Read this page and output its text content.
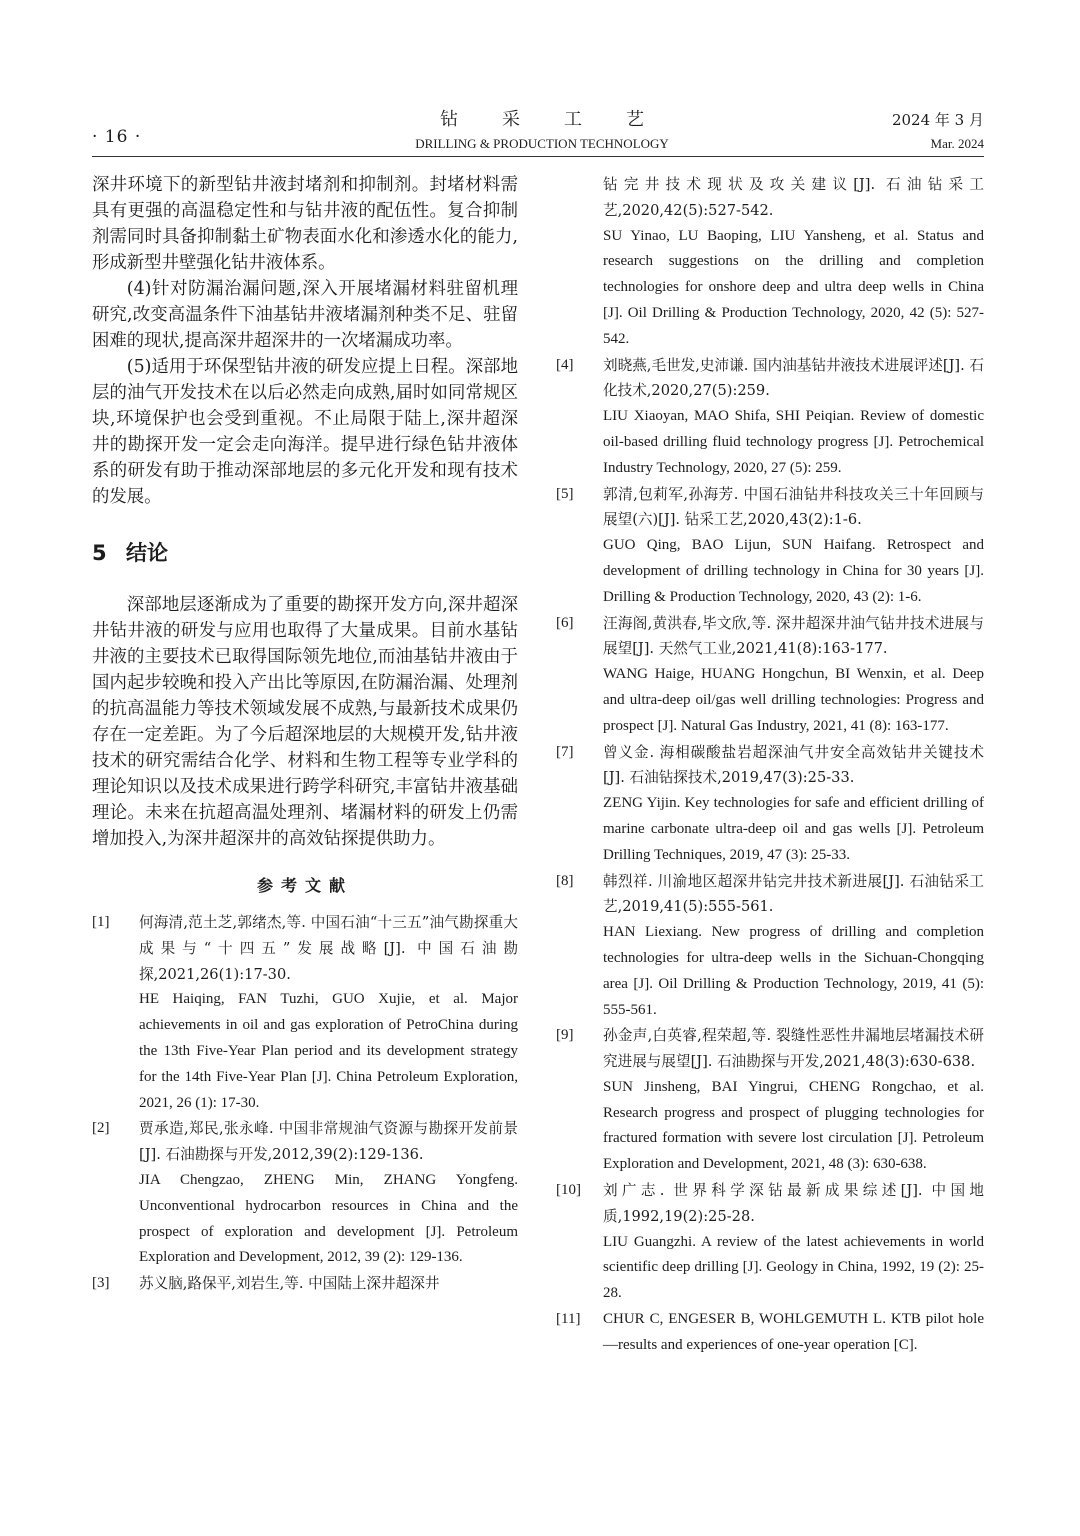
· 16 ·
钻采工艺
DRILLING & PRODUCTION TECHNOLOGY
2024 年 3 月
Mar. 2024

深井环境下的新型钻井液封堵剂和抑制剂。封堵材料需具有更强的高温稳定性和与钻井液的配伍性。复合抑制剂需同时具备抑制黏土矿物表面水化和渗透水化的能力,形成新型井壁强化钻井液体系。

(4)针对防漏治漏问题,深入开展堵漏材料驻留机理研究,改变高温条件下油基钻井液堵漏剂种类不足、驻留困难的现状,提高深井超深井的一次堵漏成功率。

(5)适用于环保型钻井液的研发应提上日程。深部地层的油气开发技术在以后必然走向成熟,届时如同常规区块,环境保护也会受到重视。不止局限于陆上,深井超深井的勘探开发一定会走向海洋。提早进行绿色钻井液体系的研发有助于推动深部地层的多元化开发和现有技术的发展。

5 结论

深部地层逐渐成为了重要的勘探开发方向,深井超深井钻井液的研发与应用也取得了大量成果。目前水基钻井液的主要技术已取得国际领先地位,而油基钻井液由于国内起步较晚和投入产出比等原因,在防漏治漏、处理剂的抗高温能力等技术领域发展不成熟,与最新技术成果仍存在一定差距。为了今后超深地层的大规模开发,钻井液技术的研究需结合化学、材料和生物工程等专业学科的理论知识以及技术成果进行跨学科研究,丰富钻井液基础理论。未来在抗超高温处理剂、堵漏材料的研发上仍需增加投入,为深井超深井的高效钻探提供助力。

参考文献
[1] 何海清,范土芝,郭绪杰,等. 中国石油“十三五”油气勘探重大成果与“十四五”发展战略[J]. 中国石油勘探,2021,26(1):17-30.

HE Haiqing, FAN Tuzhi, GUO Xujie, et al. Major achievements in oil and gas exploration of PetroChina during the 13th Five-Year Plan period and its development strategy for the 14th Five-Year Plan [J]. China Petroleum Exploration, 2021, 26 (1): 17-30.

[2] 贾承造,郑民,张永峰. 中国非常规油气资源与勘探开发前景[J]. 石油勘探与开发,2012,39(2):129-136.

JIA Chengzao, ZHENG Min, ZHANG Yongfeng. Unconventional hydrocarbon resources in China and the prospect of exploration and development [J]. Petroleum Exploration and Development, 2012, 39 (2): 129-136.

[3] 苏义脑,路保平,刘岩生,等. 中国陆上深井超深井

钻完井技术现状及攻关建议[J]. 石油钻采工艺,2020,42(5):527-542.

SU Yinao, LU Baoping, LIU Yansheng, et al. Status and research suggestions on the drilling and completion technologies for onshore deep and ultra deep wells in China [J]. Oil Drilling & Production Technology, 2020, 42 (5): 527-542.

[4] 刘晓燕,毛世发,史沛谦. 国内油基钻井液技术进展评述[J]. 石化技术,2020,27(5):259.

LIU Xiaoyan, MAO Shifa, SHI Peiqian. Review of domestic oil-based drilling fluid technology progress [J]. Petrochemical Industry Technology, 2020, 27 (5): 259.

[5] 郭清,包莉军,孙海芳. 中国石油钻井科技攻关三十年回顾与展望(六)[J]. 钻采工艺,2020,43(2):1-6.

GUO Qing, BAO Lijun, SUN Haifang. Retrospect and development of drilling technology in China for 30 years [J]. Drilling & Production Technology, 2020, 43 (2): 1-6.

[6] 汪海阁,黄洪春,毕文欣,等. 深井超深井油气钻井技术进展与展望[J]. 天然气工业,2021,41(8):163-177.

WANG Haige, HUANG Hongchun, BI Wenxin, et al. Deep and ultra-deep oil/gas well drilling technologies: Progress and prospect [J]. Natural Gas Industry, 2021, 41 (8): 163-177.

[7] 曾义金. 海相碳酸盐岩超深油气井安全高效钻井关键技术[J]. 石油钻探技术,2019,47(3):25-33.

ZENG Yijin. Key technologies for safe and efficient drilling of marine carbonate ultra-deep oil and gas wells [J]. Petroleum Drilling Techniques, 2019, 47 (3): 25-33.

[8] 韩烈祥. 川渝地区超深井钻完井技术新进展[J]. 石油钻采工艺,2019,41(5):555-561.

HAN Liexiang. New progress of drilling and completion technologies for ultra-deep wells in the Sichuan-Chongqing area [J]. Oil Drilling & Production Technology, 2019, 41 (5): 555-561.

[9] 孙金声,白英睿,程荣超,等. 裂缝性恶性井漏地层堵漏技术研究进展与展望[J]. 石油勘探与开发,2021,48(3):630-638.

SUN Jinsheng, BAI Yingrui, CHENG Rongchao, et al. Research progress and prospect of plugging technologies for fractured formation with severe lost circulation [J]. Petroleum Exploration and Development, 2021, 48 (3): 630-638.

[10] 刘广志. 世界科学深钻最新成果综述[J]. 中国地质,1992,19(2):25-28.

LIU Guangzhi. A review of the latest achievements in world scientific deep drilling [J]. Geology in China, 1992, 19 (2): 25-28.

[11] CHUR C, ENGESER B, WOHLGEMUTH L. KTB pilot hole—results and experiences of one-year operation [C].
